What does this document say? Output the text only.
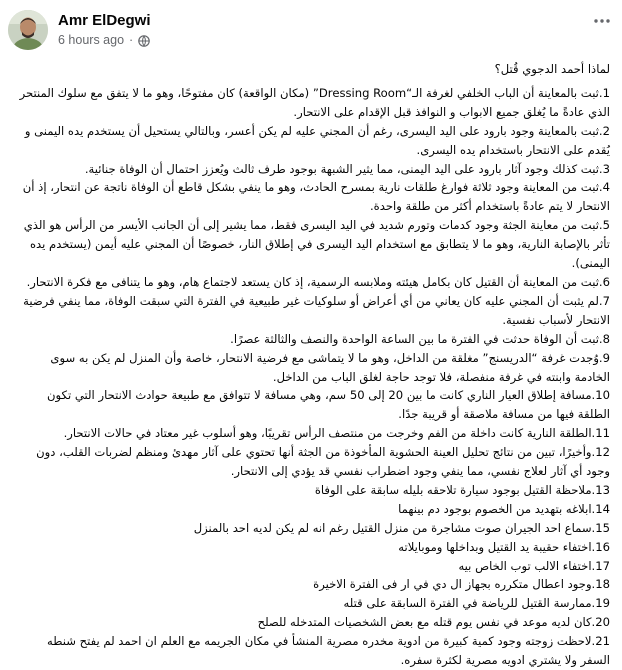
Amr ElDegwi
6 hours ago ·

لماذا أحمد الدجوي قُتل؟

1.ثبت بالمعاينة أن الباب الخلفي لغرفة الـ“Dressing Room” (مكان الواقعة) كان مفتوحًا، وهو ما لا يتفق مع سلوك المنتحر الذي عادةً ما يُغلق جميع الابواب و النوافذ قبل الإقدام على الانتحار.

2.ثبت بالمعاينة وجود بارود على اليد اليسرى، رغم أن المجني عليه لم يكن أعسر، وبالتالي يستحيل أن يستخدم يده اليمنى و يُقدم على الانتحار باستخدام يده اليسرى.

3.ثبت كذلك وجود آثار بارود على اليد اليمنى، مما يثير الشبهة بوجود طرف ثالث ويُعزز احتمال أن الوفاة جنائية.

4.ثبت من المعاينة وجود ثلاثة فوارغ طلقات نارية بمسرح الحادث، وهو ما ينفي بشكل قاطع أن الوفاة ناتجة عن انتحار، إذ أن الانتحار لا يتم عادةً باستخدام أكثر من طلقة واحدة.

5.ثبت من معاينة الجثة وجود كدمات وتورم شديد في اليد اليسرى فقط، مما يشير إلى أن الجانب الأيسر من الرأس هو الذي تأثر بالإصابة النارية، وهو ما لا يتطابق مع استخدام اليد اليسرى في إطلاق النار، خصوصًا أن المجني عليه أيمن (يستخدم يده اليمنى).

6.ثبت من المعاينة أن القتيل كان بكامل هيئته وملابسه الرسمية، إذ كان يستعد لاجتماع هام، وهو ما يتنافى مع فكرة الانتحار.

7.لم يثبت أن المجني عليه كان يعاني من أي أعراض أو سلوكيات غير طبيعية في الفترة التي سبقت الوفاة، مما ينفي فرضية الانتحار لأسباب نفسية.

8.ثبت أن الوفاة حدثت في الفترة ما بين الساعة الواحدة والنصف والثالثة عصرًا.

9.وُجدت غرفة “الدريسنج” مغلقة من الداخل، وهو ما لا يتماشى مع فرضية الانتحار، خاصة وأن المنزل لم يكن به سوى الخادمة وابنته في غرفة منفصلة، فلا توجد حاجة لغلق الباب من الداخل.

10.مسافة إطلاق العيار الناري كانت ما بين 20 إلى 50 سم، وهي مسافة لا تتوافق مع طبيعة حوادث الانتحار التي تكون الطلقة فيها من مسافة ملاصقة أو قريبة جدًا.

11.الطلقة النارية كانت داخلة من الفم وخرجت من منتصف الرأس تقريبًا، وهو أسلوب غير معتاد في حالات الانتحار.

12.وأخيرًا، تبين من نتائج تحليل العينة الحشوية المأخوذة من الجثة أنها تحتوي على آثار مهدئ ومنظم لضربات القلب، دون وجود أي آثار لعلاج نفسي، مما ينفي وجود اضطراب نفسي قد يؤدي إلى الانتحار.

13.ملاحظة القتيل بوجود سيارة تلاحقه بليله سابقة على الوفاة

14.ابلاغه بتهديد من الخصوم بوجود دم بينهما

15.سماع احد الجيران صوت مشاجرة من منزل القتيل رغم انه لم يكن لديه احد بالمنزل

16.اختفاء حقيبة يد القتيل وبداخلها وموبايلاته

17.اختفاء الالب توب الخاص بيه

18.وجود اعطال متكرره بجهاز ال دي في ار فى الفترة الاخيرة

19.ممارسة القتيل للرياضة في الفترة السابقة على قتله

20.كان لديه موعد في نفس يوم قتله مع بعض الشخصيات المتدخله للصلح

21.لاحظت زوجته وجود كمية كبيرة من ادوية مخدره مصرية المنشأ في مكان الجريمه مع العلم ان احمد لم يفتح شنطه السفر ولا يشتري ادويه مصرية لكثرة سفره.
